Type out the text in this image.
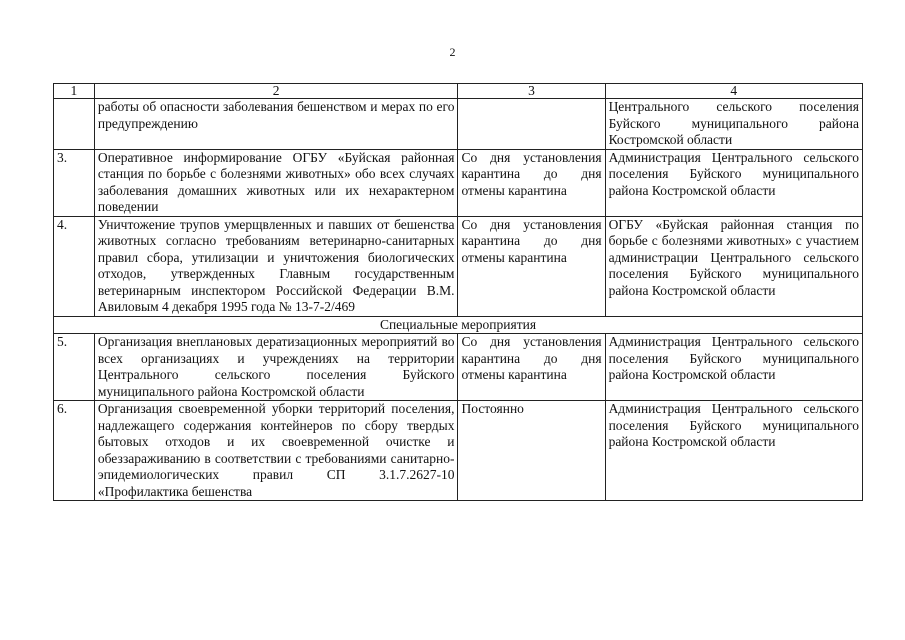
2
1	2	3	4
	работы об опасности заболевания бешенством и мерах по его предупреждению		Центрального сельского поселения Буйского муниципального района Костромской области
3.	Оперативное информирование ОГБУ «Буйская районная станция по борьбе с болезнями животных» обо всех случаях заболевания домашних животных или их нехарактерном поведении	Со дня установления карантина до дня отмены карантина	Администрация Центрального сельского поселения Буйского муниципального района Костромской области
4.	Уничтожение трупов умерщвленных и павших от бешенства животных согласно требованиям ветеринарно-санитарных правил сбора, утилизации и уничтожения биологических отходов, утвержденных Главным государственным ветеринарным инспектором Российской Федерации В.М. Авиловым 4 декабря 1995 года № 13-7-2/469	Со дня установления карантина до дня отмены карантина	ОГБУ «Буйская районная станция по борьбе с болезнями животных» с участием администрации Центрального сельского поселения Буйского муниципального района Костромской области
Специальные мероприятия			
5.	Организация внеплановых дератизационных мероприятий во всех организациях и учреждениях на территории Центрального сельского поселения Буйского муниципального района Костромской области	Со дня установления карантина до дня отмены карантина	Администрация Центрального сельского поселения Буйского муниципального района Костромской области
6.	Организация своевременной уборки территорий поселения, надлежащего содержания контейнеров по сбору твердых бытовых отходов и их своевременной очистке и обеззараживанию в соответствии с требованиями санитарно-эпидемиологических правил СП 3.1.7.2627-10 «Профилактика бешенства	Постоянно	Администрация Центрального сельского поселения Буйского муниципального района Костромской области
